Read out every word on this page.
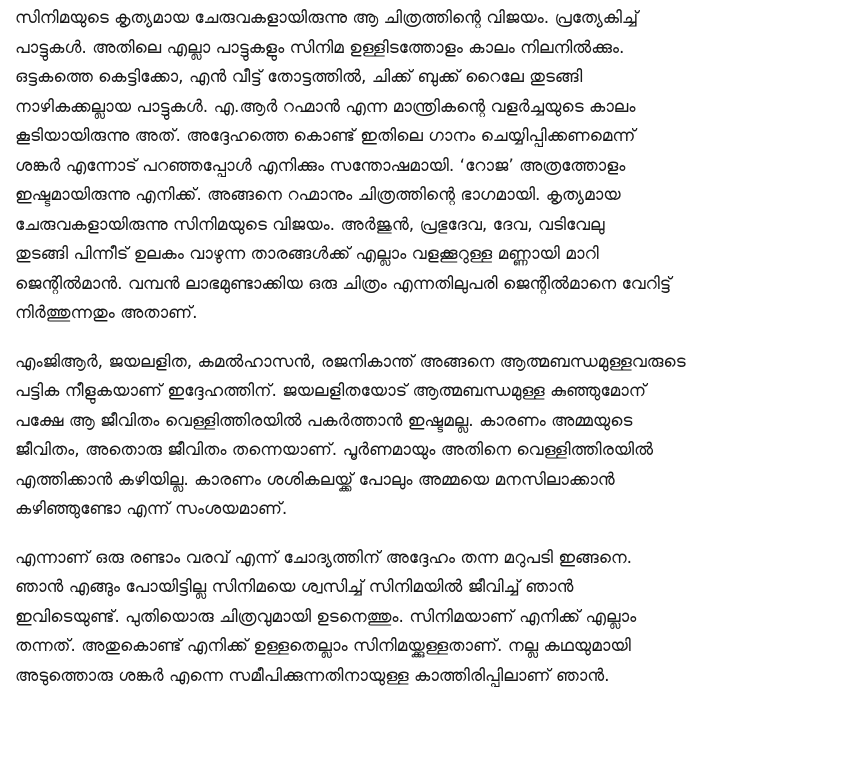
സിനിമയുടെ കൃത്യമായ ചേരുവകളായിരുന്നു ആ ചിത്രത്തിന്റെ വിജയം. പ്രത്യേകിച്ച്
പാട്ടുകൾ. അതിലെ എല്ലാ പാട്ടുകളും സിനിമ ഉള്ളിടത്തോളം കാലം നിലനിൽക്കും.
ഒട്ടകത്തെ കെട്ടിക്കോ, എൻ വീട്ട് തോട്ടത്തിൽ, ചിക്ക് ബുക്ക് റൈലേ തുടങ്ങി
നാഴികക്കല്ലായ പാട്ടുകൾ. എ.ആർ റഹ്മാൻ എന്ന മാന്ത്രികന്റെ വളർച്ചയുടെ കാലം
കൂടിയായിരുന്നു അത്. അദ്ദേഹത്തെ കൊണ്ട് ഇതിലെ ഗാനം ചെയ്യിപ്പിക്കണമെന്ന്
ശങ്കർ എന്നോട് പറഞ്ഞപ്പോൾ എനിക്കും സന്തോഷമായി. ‘റോജ’ അത്രത്തോളം
ഇഷ്ടമായിരുന്നു എനിക്ക്. അങ്ങനെ റഹ്മാനും ചിത്രത്തിന്റെ ഭാഗമായി. കൃത്യമായ
ചേരുവകളായിരുന്നു സിനിമയുടെ വിജയം. അർജുൻ, പ്രഭുദേവ, ദേവ, വടിവേലു
തുടങ്ങി പിന്നീട് ഉലകം വാഴുന്ന താരങ്ങൾക്ക് എല്ലാം വളക്കൂറുള്ള മണ്ണായി മാറി
ജെന്റിൽമാൻ. വമ്പൻ ലാഭമുണ്ടാക്കിയ ഒരു ചിത്രം എന്നതിലുപരി ജെന്റിൽമാനെ വേറിട്ട്
നിർത്തുന്നതും അതാണ്.
എംജിആർ, ജയലളിത, കമൽഹാസൻ, രജനികാന്ത് അങ്ങനെ ആത്മബന്ധമുള്ളവരുടെ
പട്ടിക നീളുകയാണ് ഇദ്ദേഹത്തിന്. ജയലളിതയോട് ആത്മബന്ധമുള്ള കുഞ്ഞുമോന്
പക്ഷേ ആ ജീവിതം വെള്ളിത്തിരയിൽ പകർത്താൻ ഇഷ്ടമല്ല. കാരണം അമ്മയുടെ
ജീവിതം, അതൊരു ജീവിതം തന്നെയാണ്. പൂർണമായും അതിനെ വെള്ളിത്തിരയിൽ
എത്തിക്കാൻ കഴിയില്ല. കാരണം ശശികലയ്ക്ക് പോലും അമ്മയെ മനസിലാക്കാൻ
കഴിഞ്ഞുണ്ടോ എന്ന് സംശയമാണ്.
എന്നാണ് ഒരു രണ്ടാം വരവ് എന്ന് ചോദ്യത്തിന് അദ്ദേഹം തന്ന മറുപടി ഇങ്ങനെ.
ഞാൻ എങ്ങും പോയിട്ടില്ല സിനിമയെ ശ്വസിച്ച് സിനിമയിൽ ജീവിച്ച് ഞാൻ
ഇവിടെയുണ്ട്. പുതിയൊരു ചിത്രവുമായി ഉടനെത്തും. സിനിമയാണ് എനിക്ക് എല്ലാം
തന്നത്. അതുകൊണ്ട് എനിക്ക് ഉള്ളതെല്ലാം സിനിമയ്ക്കുള്ളതാണ്. നല്ല കഥയുമായി
അടുത്തൊരു ശങ്കർ എന്നെ സമീപിക്കുന്നതിനായുള്ള കാത്തിരിപ്പിലാണ് ഞാൻ.
